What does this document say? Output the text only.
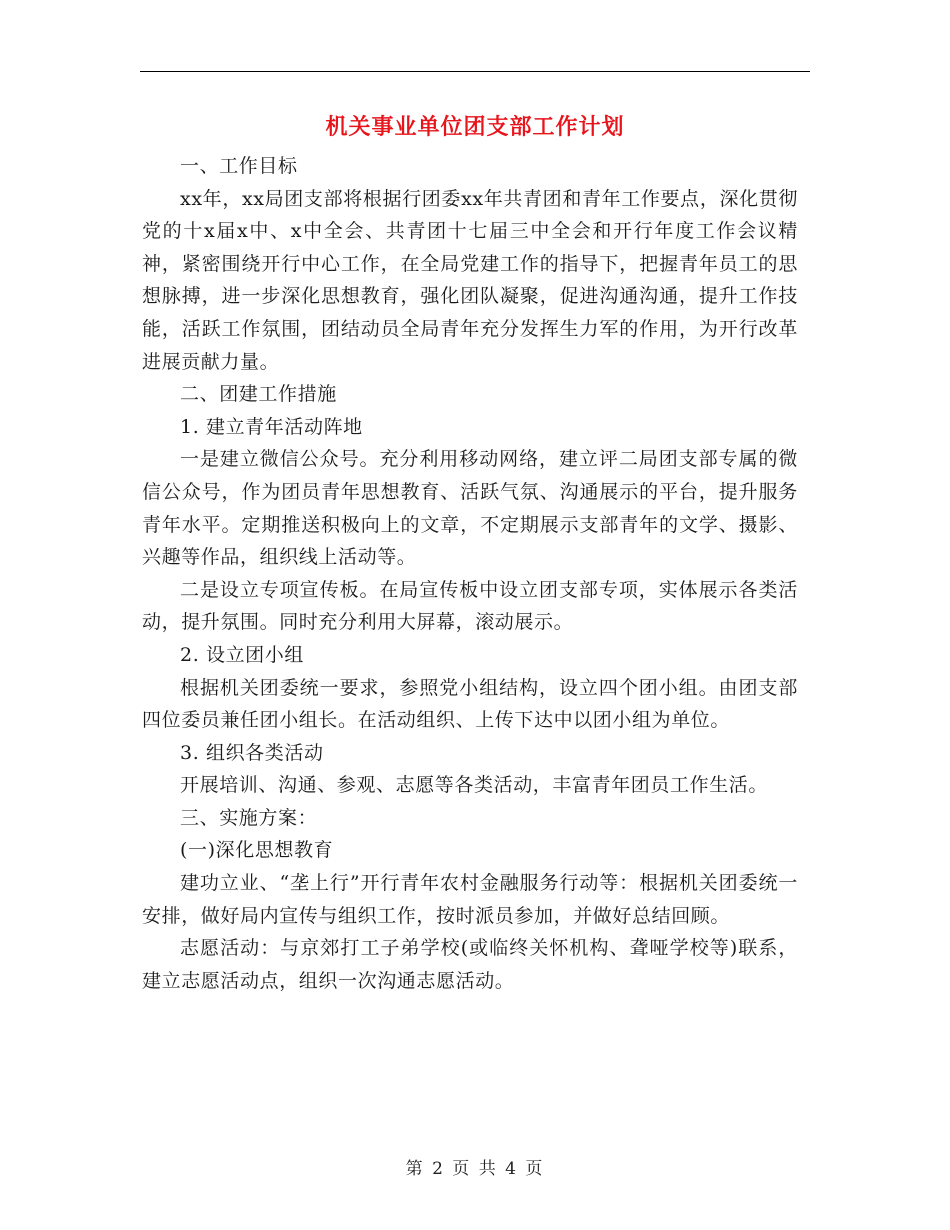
机关事业单位团支部工作计划

一、工作目标

xx年，xx局团支部将根据行团委xx年共青团和青年工作要点，深化贯彻党的十x届x中、x中全会、共青团十七届三中全会和开行年度工作会议精神，紧密围绕开行中心工作，在全局党建工作的指导下，把握青年员工的思想脉搏，进一步深化思想教育，强化团队凝聚，促进沟通沟通，提升工作技能，活跃工作氛围，团结动员全局青年充分发挥生力军的作用，为开行改革进展贡献力量。

二、团建工作措施

1. 建立青年活动阵地

一是建立微信公众号。充分利用移动网络，建立评二局团支部专属的微信公众号，作为团员青年思想教育、活跃气氛、沟通展示的平台，提升服务青年水平。定期推送积极向上的文章，不定期展示支部青年的文学、摄影、兴趣等作品，组织线上活动等。

二是设立专项宣传板。在局宣传板中设立团支部专项，实体展示各类活动，提升氛围。同时充分利用大屏幕，滚动展示。

2. 设立团小组

根据机关团委统一要求，参照党小组结构，设立四个团小组。由团支部四位委员兼任团小组长。在活动组织、上传下达中以团小组为单位。

3. 组织各类活动

开展培训、沟通、参观、志愿等各类活动，丰富青年团员工作生活。

三、实施方案：

(一)深化思想教育

建功立业、“垄上行”开行青年农村金融服务行动等：根据机关团委统一安排，做好局内宣传与组织工作，按时派员参加，并做好总结回顾。

志愿活动：与京郊打工子弟学校(或临终关怀机构、聋哑学校等)联系，建立志愿活动点，组织一次沟通志愿活动。

第 2 页 共 4 页
